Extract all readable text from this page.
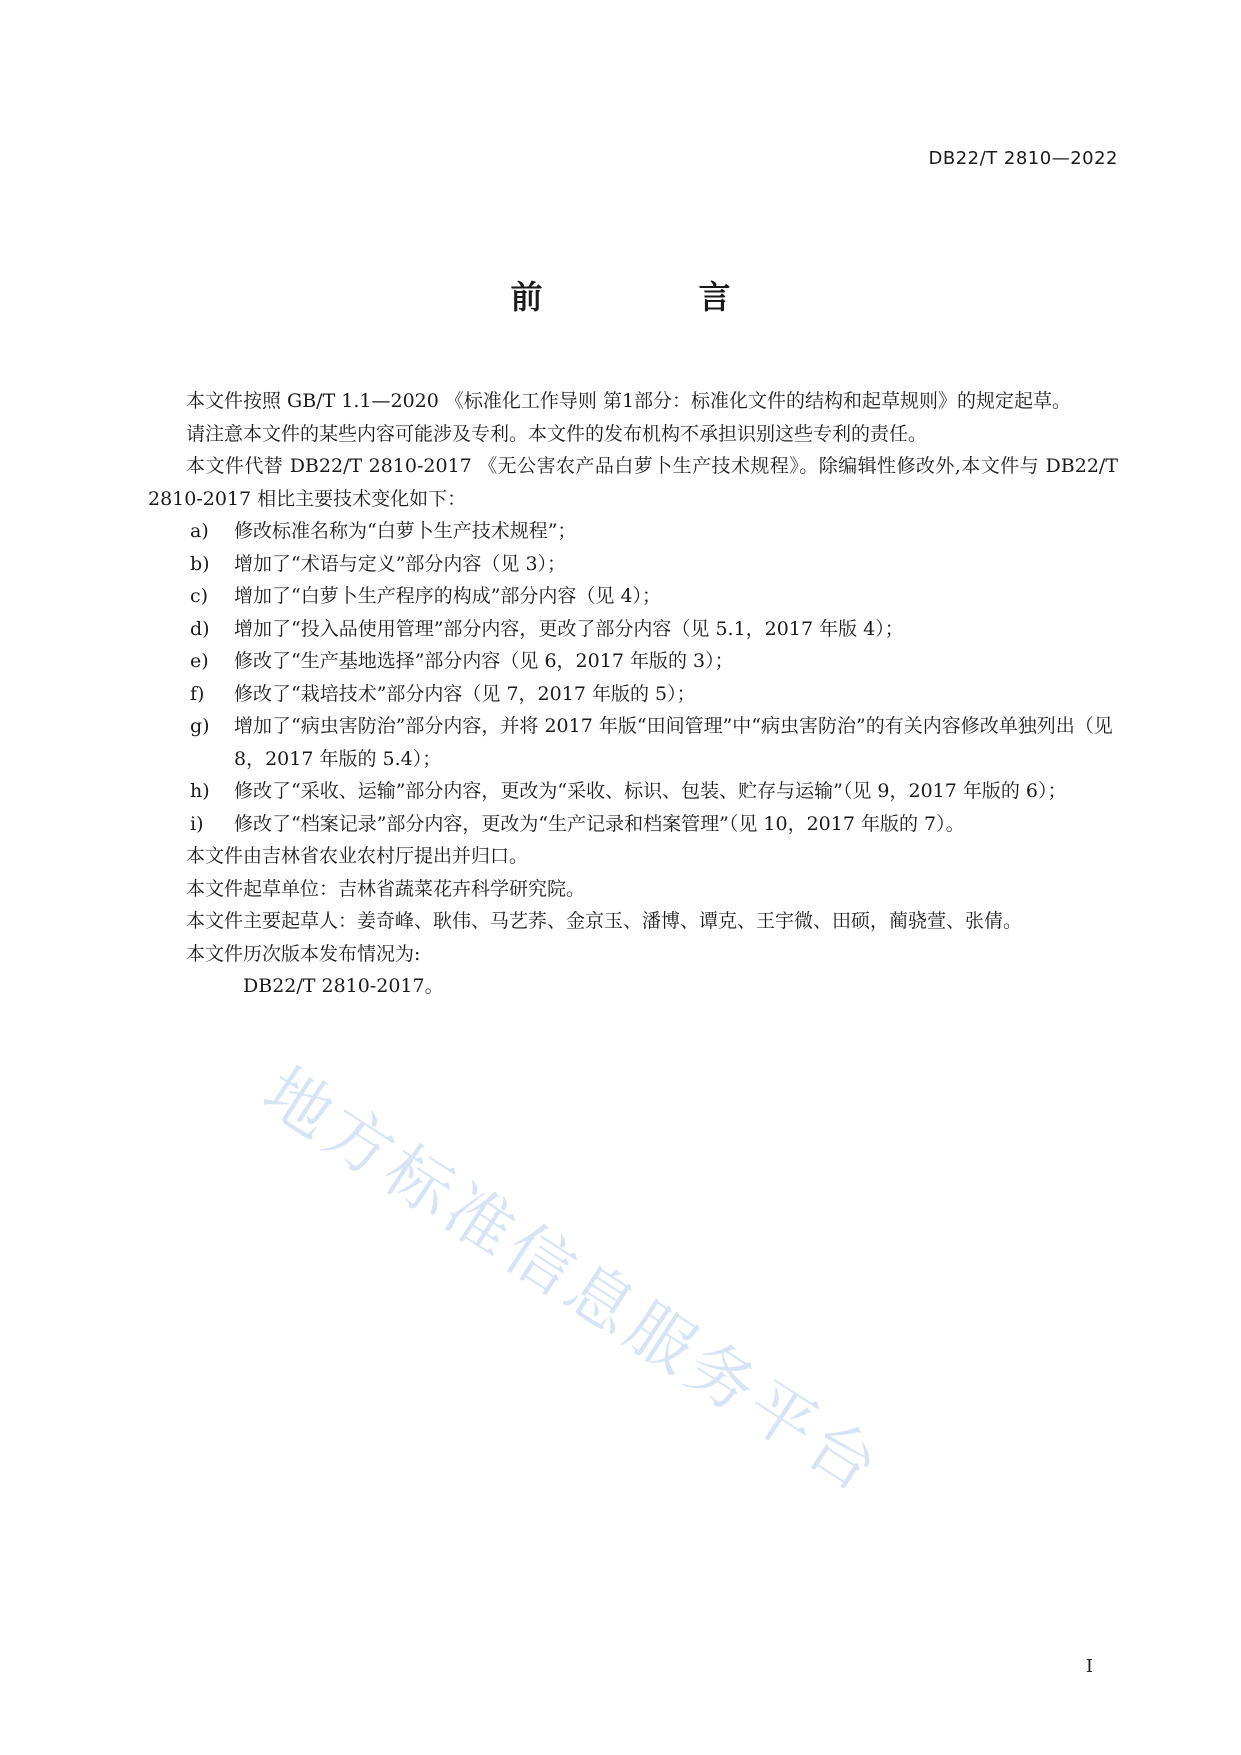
DB22/T 2810—2022
前　言

本文件按照 GB/T 1.1—2020 《标准化工作导则 第1部分：标准化文件的结构和起草规则》的规定起草。

请注意本文件的某些内容可能涉及专利。本文件的发布机构不承担识别这些专利的责任。

本文件代替 DB22/T 2810-2017 《无公害农产品白萝卜生产技术规程》。除编辑性修改外,本文件与 DB22/T 2810-2017 相比主要技术变化如下：

a) 修改标准名称为“白萝卜生产技术规程”；

b) 增加了“术语与定义”部分内容（见 3）；

c) 增加了“白萝卜生产程序的构成”部分内容（见 4）；

d) 增加了“投入品使用管理”部分内容，更改了部分内容（见 5.1，2017 年版 4）；

e) 修改了“生产基地选择”部分内容（见 6，2017 年版的 3）；

f) 修改了“栽培技术”部分内容（见 7，2017 年版的 5）；

g) 增加了“病虫害防治”部分内容，并将 2017 年版“田间管理”中“病虫害防治”的有关内容修改单独列出（见 8，2017 年版的 5.4）；

h) 修改了“采收、运输”部分内容，更改为“采收、标识、包装、贮存与运输”（见 9，2017 年版的 6）；

i) 修改了“档案记录”部分内容，更改为“生产记录和档案管理”（见 10，2017 年版的 7）。

本文件由吉林省农业农村厅提出并归口。

本文件起草单位：吉林省蔬菜花卉科学研究院。

本文件主要起草人：姜奇峰、耿伟、马艺荞、金京玉、潘博、谭克、王宇微、田硕，蔺骁萱、张倩。

本文件历次版本发布情况为:

DB22/T 2810-2017。

地方标准信息服务平台
I
